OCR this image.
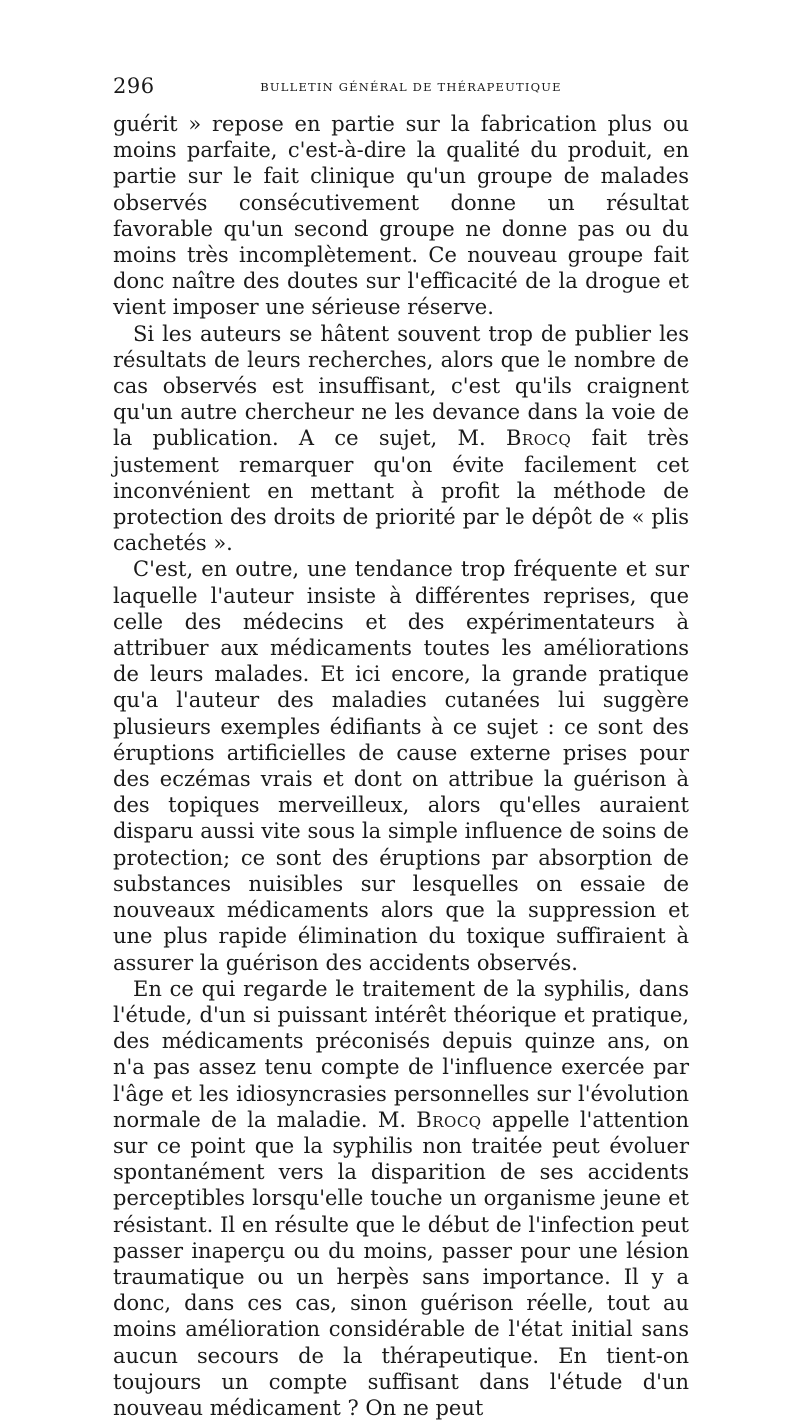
296	BULLETIN GÉNÉRAL DE THÉRAPEUTIQUE

guérit » repose en partie sur la fabrication plus ou moins parfaite, c'est-à-dire la qualité du produit, en partie sur le fait clinique qu'un groupe de malades observés consécutivement donne un résultat favorable qu'un second groupe ne donne pas ou du moins très incomplètement. Ce nouveau groupe fait donc naître des doutes sur l'efficacité de la drogue et vient imposer une sérieuse réserve.

Si les auteurs se hâtent souvent trop de publier les résultats de leurs recherches, alors que le nombre de cas observés est insuffisant, c'est qu'ils craignent qu'un autre chercheur ne les devance dans la voie de la publication. A ce sujet, M. Brocq fait très justement remarquer qu'on évite facilement cet inconvénient en mettant à profit la méthode de protection des droits de priorité par le dépôt de « plis cachetés ».

C'est, en outre, une tendance trop fréquente et sur laquelle l'auteur insiste à différentes reprises, que celle des médecins et des expérimentateurs à attribuer aux médicaments toutes les améliorations de leurs malades. Et ici encore, la grande pratique qu'a l'auteur des maladies cutanées lui suggère plusieurs exemples édifiants à ce sujet : ce sont des éruptions artificielles de cause externe prises pour des eczémas vrais et dont on attribue la guérison à des topiques merveilleux, alors qu'elles auraient disparu aussi vite sous la simple influence de soins de protection; ce sont des éruptions par absorption de substances nuisibles sur lesquelles on essaie de nouveaux médicaments alors que la suppression et une plus rapide élimination du toxique suffiraient à assurer la guérison des accidents observés.

En ce qui regarde le traitement de la syphilis, dans l'étude, d'un si puissant intérêt théorique et pratique, des médicaments préconisés depuis quinze ans, on n'a pas assez tenu compte de l'influence exercée par l'âge et les idiosyncrasies personnelles sur l'évolution normale de la maladie. M. Brocq appelle l'attention sur ce point que la syphilis non traitée peut évoluer spontanément vers la disparition de ses accidents perceptibles lorsqu'elle touche un organisme jeune et résistant. Il en résulte que le début de l'infection peut passer inaperçu ou du moins, passer pour une lésion traumatique ou un herpès sans importance. Il y a donc, dans ces cas, sinon guérison réelle, tout au moins amélioration considérable de l'état initial sans aucun secours de la thérapeutique. En tient-on toujours un compte suffisant dans l'étude d'un nouveau médicament ? On ne peut
